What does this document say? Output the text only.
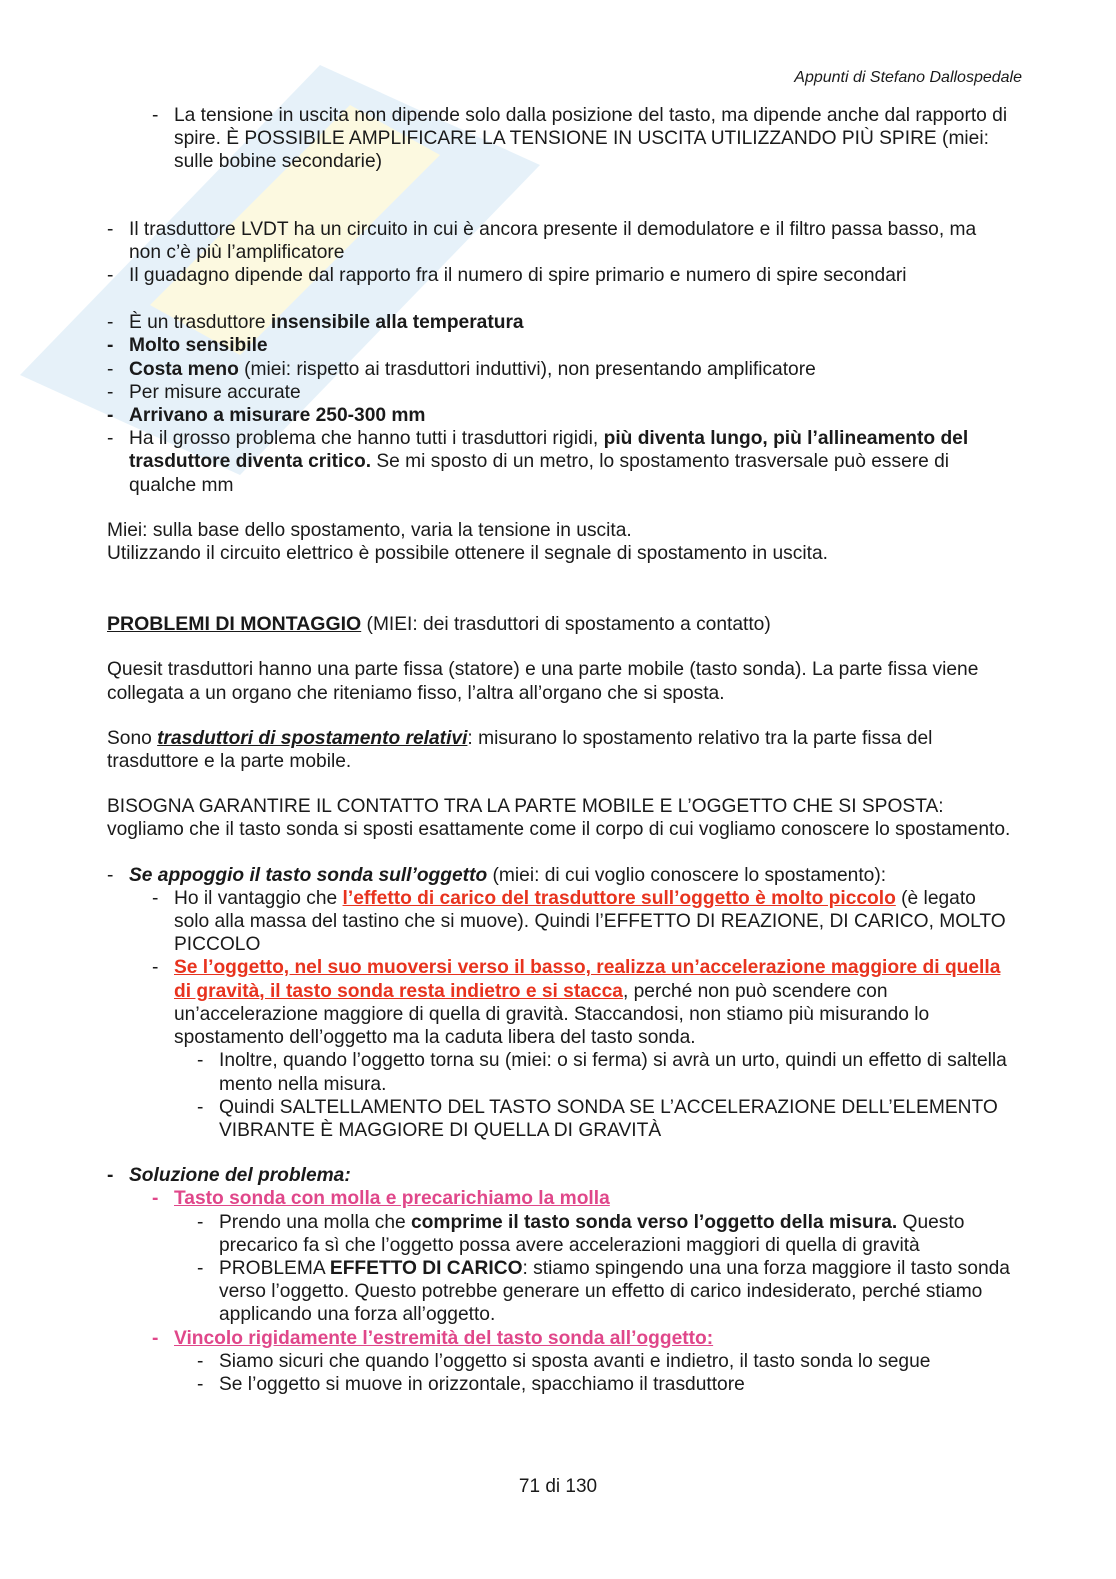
Appunti di Stefano Dallospedale
- La tensione in uscita non dipende solo dalla posizione del tasto, ma dipende anche dal rapporto di spire. È POSSIBILE AMPLIFICARE LA TENSIONE IN USCITA UTILIZZANDO PIÙ SPIRE (miei: sulle bobine secondarie)
- Il trasduttore LVDT ha un circuito in cui è ancora presente il demodulatore e il filtro passa basso, ma non c’è più l’amplificatore
- Il guadagno dipende dal rapporto fra il numero di spire primario e numero di spire secondari
- È un trasduttore insensibile alla temperatura
- Molto sensibile
- Costa meno (miei: rispetto ai trasduttori induttivi), non presentando amplificatore
- Per misure accurate
- Arrivano a misurare 250-300 mm
- Ha il grosso problema che hanno tutti i trasduttori rigidi, più diventa lungo, più l’allineamento del trasduttore diventa critico. Se mi sposto di un metro, lo spostamento trasversale può essere di qualche mm
Miei: sulla base dello spostamento, varia la tensione in uscita.
Utilizzando il circuito elettrico è possibile ottenere il segnale di spostamento in uscita.
PROBLEMI DI MONTAGGIO (MIEI: dei trasduttori di spostamento a contatto)
Quesit trasduttori hanno una parte fissa (statore) e una parte mobile (tasto sonda). La parte fissa viene collegata a un organo che riteniamo fisso, l’altra all’organo che si sposta.
Sono trasduttori di spostamento relativi: misurano lo spostamento relativo tra la parte fissa del trasduttore e la parte mobile.
BISOGNA GARANTIRE IL CONTATTO TRA LA PARTE MOBILE E L’OGGETTO CHE SI SPOSTA: vogliamo che il tasto sonda si sposti esattamente come il corpo di cui vogliamo conoscere lo spostamento.
- Se appoggio il tasto sonda sull’oggetto (miei: di cui voglio conoscere lo spostamento):
- Ho il vantaggio che l’effetto di carico del trasduttore sull’oggetto è molto piccolo (è legato solo alla massa del tastino che si muove). Quindi l’EFFETTO DI REAZIONE, DI CARICO, MOLTO PICCOLO
- Se l’oggetto, nel suo muoversi verso il basso, realizza un’accelerazione maggiore di quella di gravità, il tasto sonda resta indietro e si stacca, perché non può scendere con un’accelerazione maggiore di quella di gravità. Staccandosi, non stiamo più misurando lo spostamento dell’oggetto ma la caduta libera del tasto sonda.
- Inoltre, quando l’oggetto torna su (miei: o si ferma) si avrà un urto, quindi un effetto di saltella mento nella misura.
- Quindi SALTELLAMENTO DEL TASTO SONDA SE L’ACCELERAZIONE DELL’ELEMENTO VIBRANTE È MAGGIORE DI QUELLA DI GRAVITÀ
- Soluzione del problema:
- Tasto sonda con molla e precarichiamo la molla
- Prendo una molla che comprime il tasto sonda verso l’oggetto della misura. Questo precarico fa sì che l’oggetto possa avere accelerazioni maggiori di quella di gravità
- PROBLEMA EFFETTO DI CARICO: stiamo spingendo una una forza maggiore il tasto sonda verso l’oggetto. Questo potrebbe generare un effetto di carico indesiderato, perché stiamo applicando una forza all’oggetto.
- Vincolo rigidamente l’estremità del tasto sonda all’oggetto:
- Siamo sicuri che quando l’oggetto si sposta avanti e indietro, il tasto sonda lo segue
- Se l’oggetto si muove in orizzontale, spacchiamo il trasduttore
71 di 130
